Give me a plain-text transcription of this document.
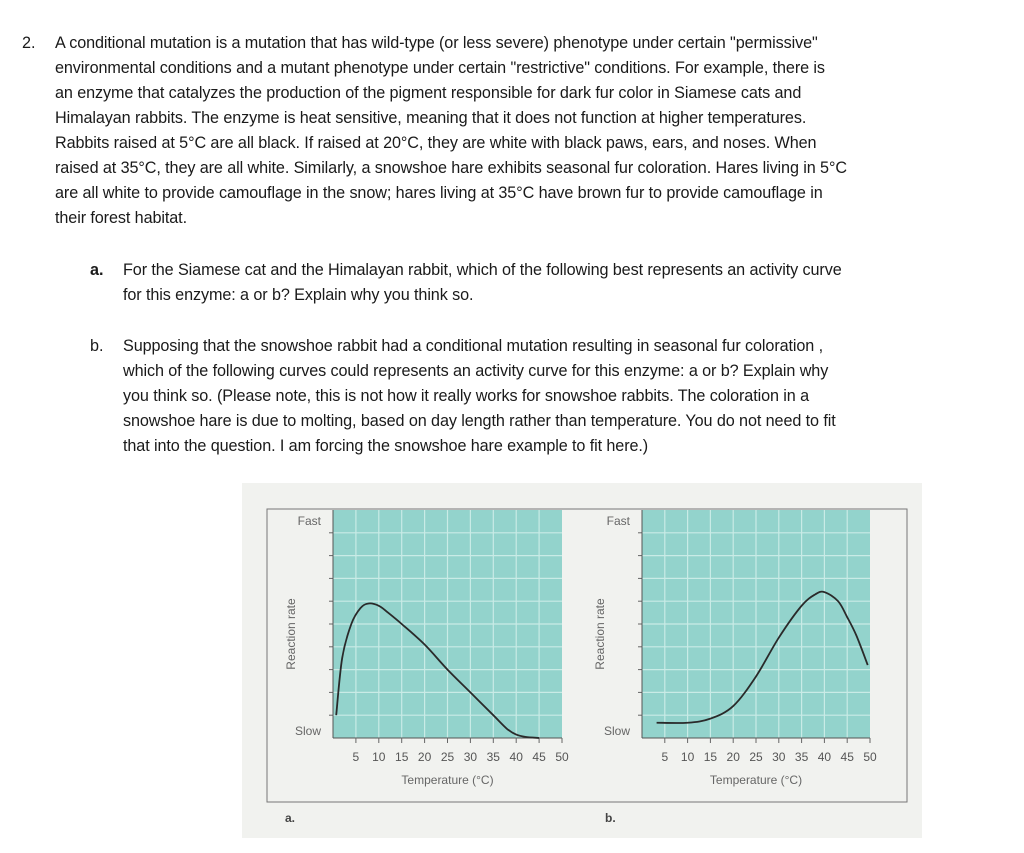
2. A conditional mutation is a mutation that has wild-type (or less severe) phenotype under certain "permissive"
environmental conditions and a mutant phenotype under certain "restrictive" conditions. For example, there is
an enzyme that catalyzes the production of the pigment responsible for dark fur color in Siamese cats and
Himalayan rabbits. The enzyme is heat sensitive, meaning that it does not function at higher temperatures.
Rabbits raised at 5°C are all black. If raised at 20°C, they are white with black paws, ears, and noses. When
raised at 35°C, they are all white. Similarly, a snowshoe hare exhibits seasonal fur coloration. Hares living in 5°C
are all white to provide camouflage in the snow; hares living at 35°C have brown fur to provide camouflage in
their forest habitat.
a. For the Siamese cat and the Himalayan rabbit, which of the following best represents an activity curve
for this enzyme: a or b? Explain why you think so.
b. Supposing that the snowshoe rabbit had a conditional mutation resulting in seasonal fur coloration ,
which of the following curves could represents an activity curve for this enzyme: a or b? Explain why
you think so. (Please note, this is not how it really works for snowshoe rabbits. The coloration in a
snowshoe hare is due to molting, based on day length rather than temperature. You do not need to fit
that into the question. I am forcing the snowshoe hare example to fit here.)
5 10 15 20 25 30 35 40 45 50
Fast
Slow
Reaction rate
Temperature (°C)
a.
5 10 15 20 25 30 35 40 45 50
Fast
Slow
Reaction rate
Temperature (°C)
b.
